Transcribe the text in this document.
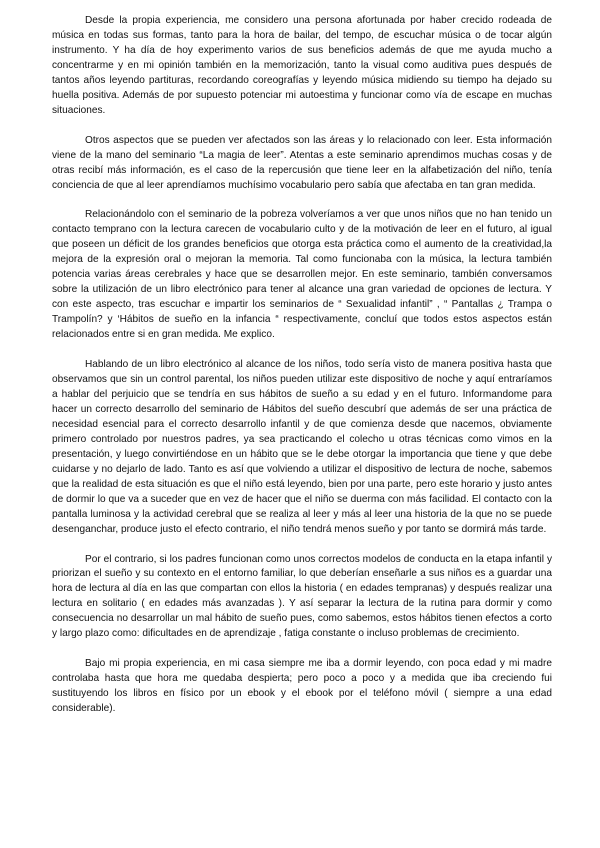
Desde la propia experiencia, me considero una persona afortunada por haber crecido rodeada de música en todas sus formas, tanto para la hora de bailar, del tempo, de escuchar música o de tocar algún instrumento. Y ha día de hoy experimento varios de sus beneficios además de que me ayuda mucho a concentrarme y en mi opinión también en la memorización, tanto la visual como auditiva pues después de tantos años leyendo partituras, recordando coreografías y leyendo música midiendo su tiempo ha dejado su huella positiva. Además de por supuesto potenciar mi autoestima y funcionar como vía de escape en muchas situaciones.

Otros aspectos que se pueden ver afectados son las áreas y lo relacionado con leer. Esta información viene de la mano del seminario “La magia de leer”. Atentas a este seminario aprendimos muchas cosas y de otras recibí más información, es el caso de la repercusión que tiene leer en la alfabetización del niño, tenía conciencia de que al leer aprendíamos muchísimo vocabulario pero sabía que afectaba en tan gran medida.

Relacionándolo con el seminario de la pobreza volveríamos a ver que unos niños que no han tenido un contacto temprano con la lectura carecen de vocabulario culto y de la motivación de leer en el futuro, al igual que poseen un déficit de los grandes beneficios que otorga esta práctica como el aumento de la creatividad,la mejora de la expresión oral o mejoran la memoria. Tal como funcionaba con la música, la lectura también potencia varias áreas cerebrales y hace que se desarrollen mejor. En este seminario, también conversamos sobre la utilización de un libro electrónico para tener al alcance una gran variedad de opciones de lectura. Y con este aspecto, tras escuchar e impartir los seminarios de “ Sexualidad infantil” , “ Pantallas ¿ Trampa o Trampolín? y ‘Hábitos de sueño en la infancia “ respectivamente, concluí que todos estos aspectos están relacionados entre si en gran medida. Me explico.

Hablando de un libro electrónico al alcance de los niños, todo sería visto de manera positiva hasta que observamos que sin un control parental, los niños pueden utilizar este dispositivo de noche y aquí entraríamos a hablar del perjuicio que se tendría en sus hábitos de sueño a su edad y en el futuro. Informandome para hacer un correcto desarrollo del seminario de Hábitos del sueño descubrí que además de ser una práctica de necesidad esencial para el correcto desarrollo infantil y de que comienza desde que nacemos, obviamente primero controlado por nuestros padres, ya sea practicando el colecho u otras técnicas como vimos en la presentación, y luego convirtiéndose en un hábito que se le debe otorgar la importancia que tiene y que debe cuidarse y no dejarlo de lado. Tanto es así que volviendo a utilizar el dispositivo de lectura de noche, sabemos que la realidad de esta situación es que el niño está leyendo, bien por una parte, pero este horario y justo antes de dormir lo que va a suceder que en vez de hacer que el niño se duerma con más facilidad. El contacto con la pantalla luminosa y la actividad cerebral que se realiza al leer y más al leer una historia de la que no se puede desenganchar, produce justo el efecto contrario, el niño tendrá menos sueño y por tanto se dormirá más tarde.

Por el contrario, si los padres funcionan como unos correctos modelos de conducta en la etapa infantil y priorizan el sueño y su contexto en el entorno familiar, lo que deberían enseñarle a sus niños es a guardar una hora de lectura al día en las que compartan con ellos la historia ( en edades tempranas) y después realizar una lectura en solitario ( en edades más avanzadas ). Y así separar la lectura de la rutina para dormir y como consecuencia no desarrollar un mal hábito de sueño pues, como sabemos, estos hábitos tienen efectos a corto y largo plazo como: dificultades en de aprendizaje , fatiga constante o incluso problemas de crecimiento.

Bajo mi propia experiencia, en mi casa siempre me iba a dormir leyendo, con poca edad y mi madre controlaba hasta que hora me quedaba despierta; pero poco a poco y a medida que iba creciendo fui sustituyendo los libros en físico por un ebook y el ebook por el teléfono móvil ( siempre a una edad considerable).
